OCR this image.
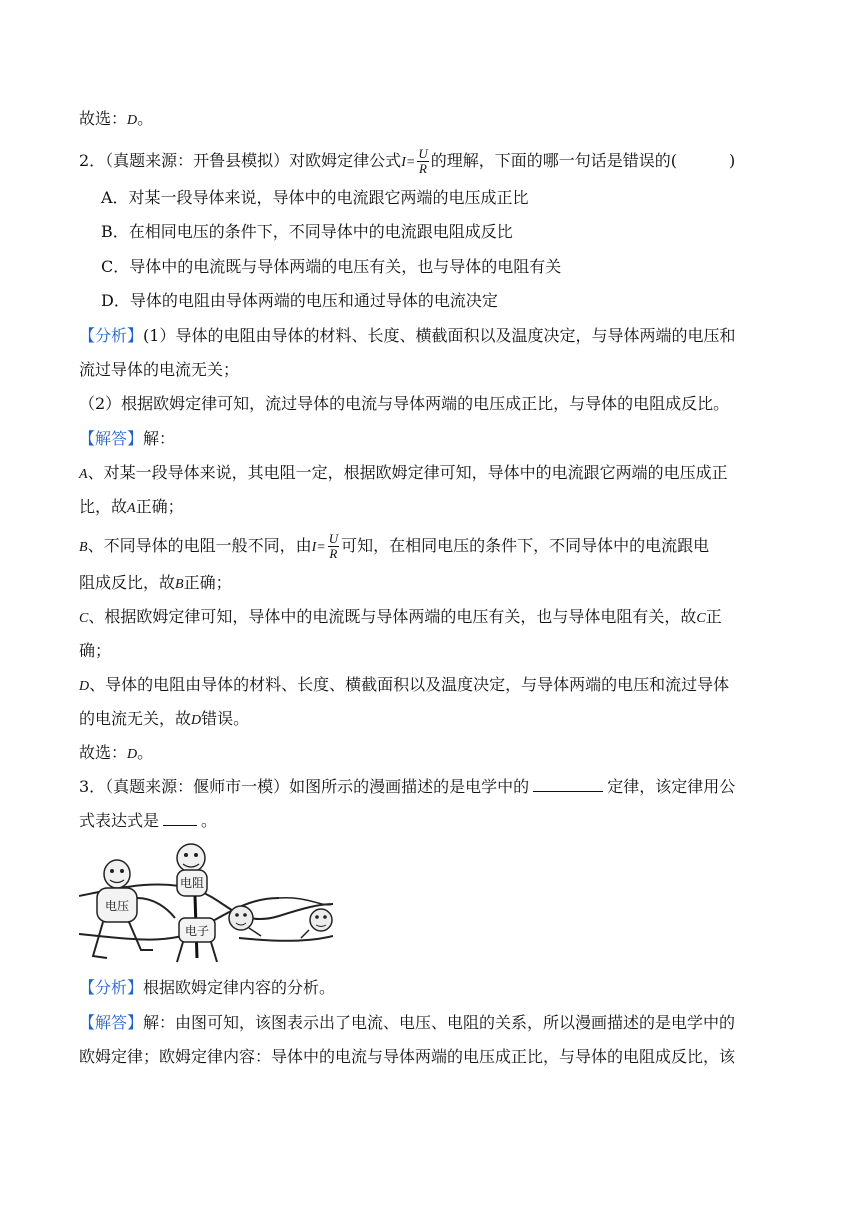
故选：D。
2．（真题来源：开鲁县模拟）对欧姆定律公式$I= \frac{U}{R}$ 的理解，下面的哪一句话是错误的(	)
A．对某一段导体来说，导体中的电流跟它两端的电压成正比
B．在相同电压的条件下，不同导体中的电流跟电阻成反比
C．导体中的电流既与导体两端的电压有关，也与导体的电阻有关
D．导体的电阻由导体两端的电压和通过导体的电流决定
【分析】(1）导体的电阻由导体的材料、长度、横截面积以及温度决定，与导体两端的电压和
流过导体的电流无关；
（2）根据欧姆定律可知，流过导体的电流与导体两端的电压成正比，与导体的电阻成反比。
【解答】解：
A、对某一段导体来说，其电阻一定，根据欧姆定律可知，导体中的电流跟它两端的电压成正
比，故A正确；
B、不同导体的电阻一般不同，由$I= \frac{U}{R}$ 可知，在相同电压的条件下，不同导体中的电流跟电
阻成反比，故B正确；
C、根据欧姆定律可知，导体中的电流既与导体两端的电压有关，也与导体电阻有关，故C正
确；
D、导体的电阻由导体的材料、长度、横截面积以及温度决定，与导体两端的电压和流过导体
的电流无关，故D错误。
故选：D。
3．（真题来源：偃师市一模）如图所示的漫画描述的是电学中的	定律，该定律用公
式表达式是	。
电阻
电压
电子
【分析】根据欧姆定律内容的分析。
【解答】解：由图可知，该图表示出了电流、电压、电阻的关系，所以漫画描述的是电学中的
欧姆定律；欧姆定律内容：导体中的电流与导体两端的电压成正比，与导体的电阻成反比，该
